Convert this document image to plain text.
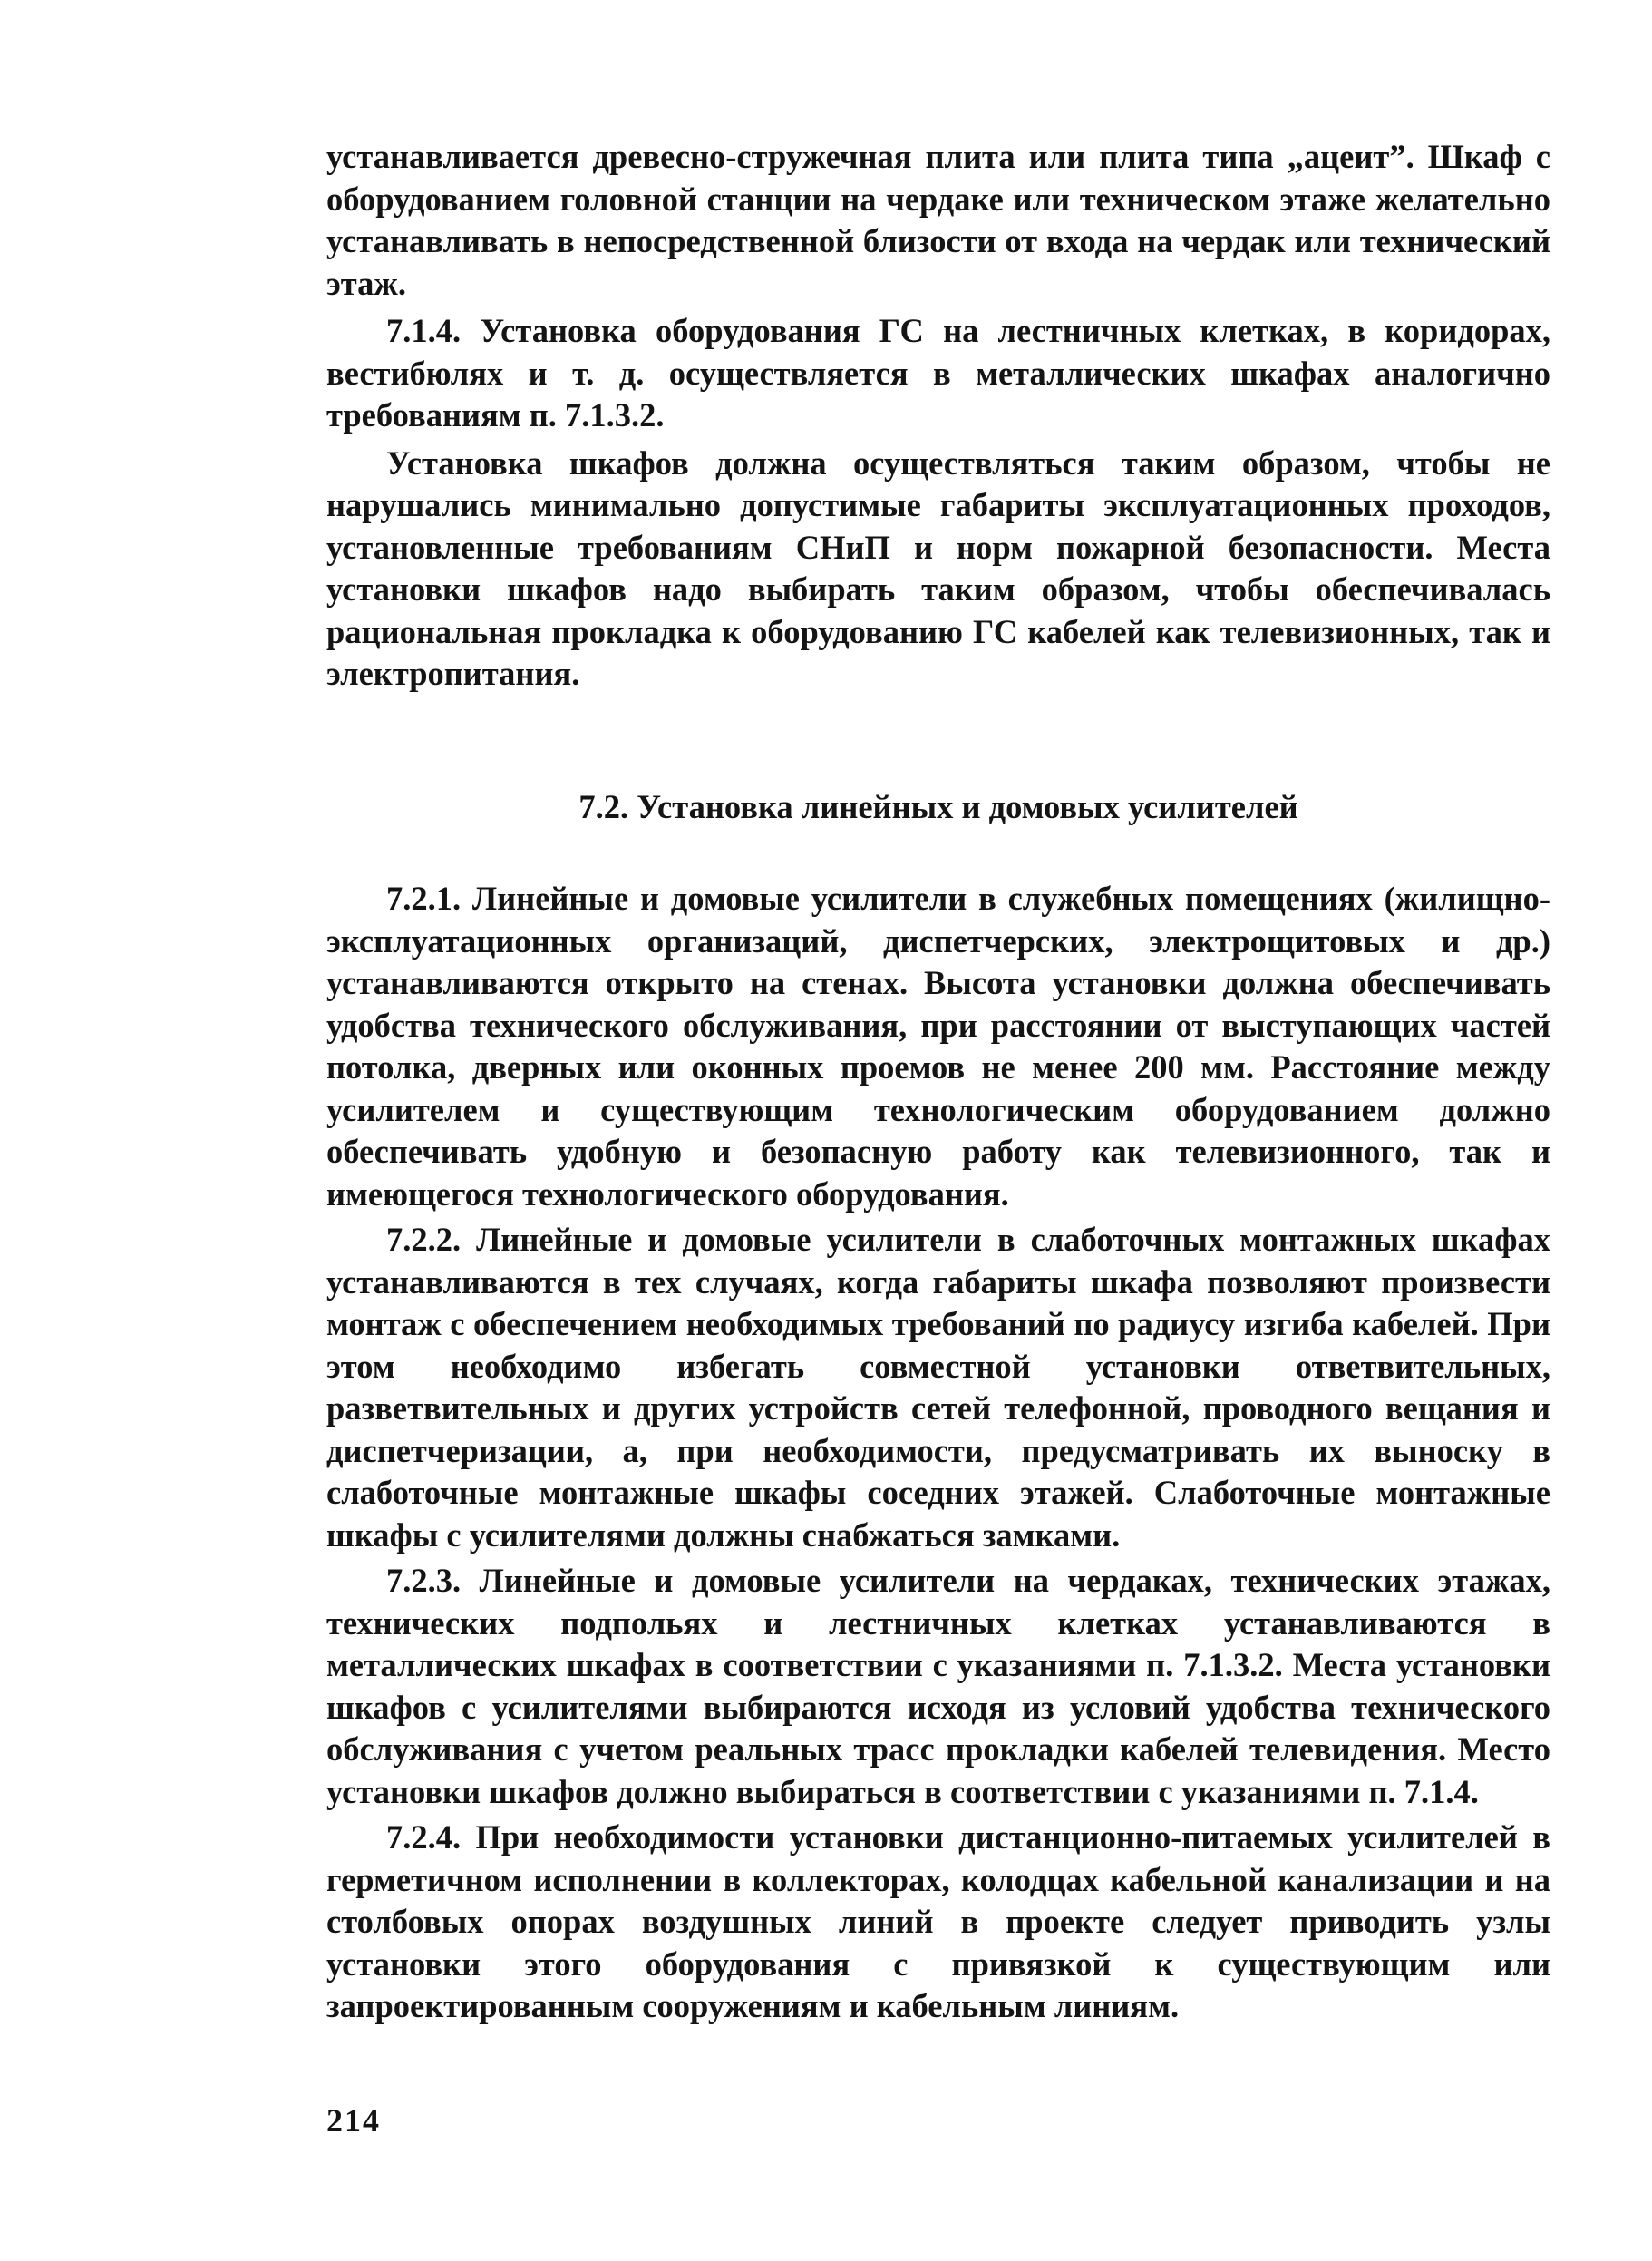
устанавливается древесно-стружечная плита или плита типа „ацеит”. Шкаф с оборудованием головной станции на чердаке или техническом этаже желательно устанавливать в непосредственной близости от входа на чердак или технический этаж.

7.1.4. Установка оборудования ГС на лестничных клетках, в коридорах, вестибюлях и т. д. осуществляется в металлических шкафах аналогично требованиям п. 7.1.3.2.

Установка шкафов должна осуществляться таким образом, чтобы не нарушались минимально допустимые габариты эксплуатационных проходов, установленные требованиям СНиП и норм пожарной безопасности. Места установки шкафов надо выбирать таким образом, чтобы обеспечивалась рациональная прокладка к оборудованию ГС кабелей как телевизионных, так и электропитания.

7.2. Установка линейных и домовых усилителей

7.2.1. Линейные и домовые усилители в служебных помещениях (жилищно-эксплуатационных организаций, диспетчерских, электрощитовых и др.) устанавливаются открыто на стенах. Высота установки должна обеспечивать удобства технического обслуживания, при расстоянии от выступающих частей потолка, дверных или оконных проемов не менее 200 мм. Расстояние между усилителем и существующим технологическим оборудованием должно обеспечивать удобную и безопасную работу как телевизионного, так и имеющегося технологического оборудования.

7.2.2. Линейные и домовые усилители в слаботочных монтажных шкафах устанавливаются в тех случаях, когда габариты шкафа позволяют произвести монтаж с обеспечением необходимых требований по радиусу изгиба кабелей. При этом необходимо избегать совместной установки ответвительных, разветвительных и других устройств сетей телефонной, проводного вещания и диспетчеризации, а, при необходимости, предусматривать их выноску в слаботочные монтажные шкафы соседних этажей. Слаботочные монтажные шкафы с усилителями должны снабжаться замками.

7.2.3. Линейные и домовые усилители на чердаках, технических этажах, технических подпольях и лестничных клетках устанавливаются в металлических шкафах в соответствии с указаниями п. 7.1.3.2. Места установки шкафов с усилителями выбираются исходя из условий удобства технического обслуживания с учетом реальных трасс прокладки кабелей телевидения. Место установки шкафов должно выбираться в соответствии с указаниями п. 7.1.4.

7.2.4. При необходимости установки дистанционно-питаемых усилителей в герметичном исполнении в коллекторах, колодцах кабельной канализации и на столбовых опорах воздушных линий в проекте следует приводить узлы установки этого оборудования с привязкой к существующим или запроектированным сооружениям и кабельным линиям.

214
